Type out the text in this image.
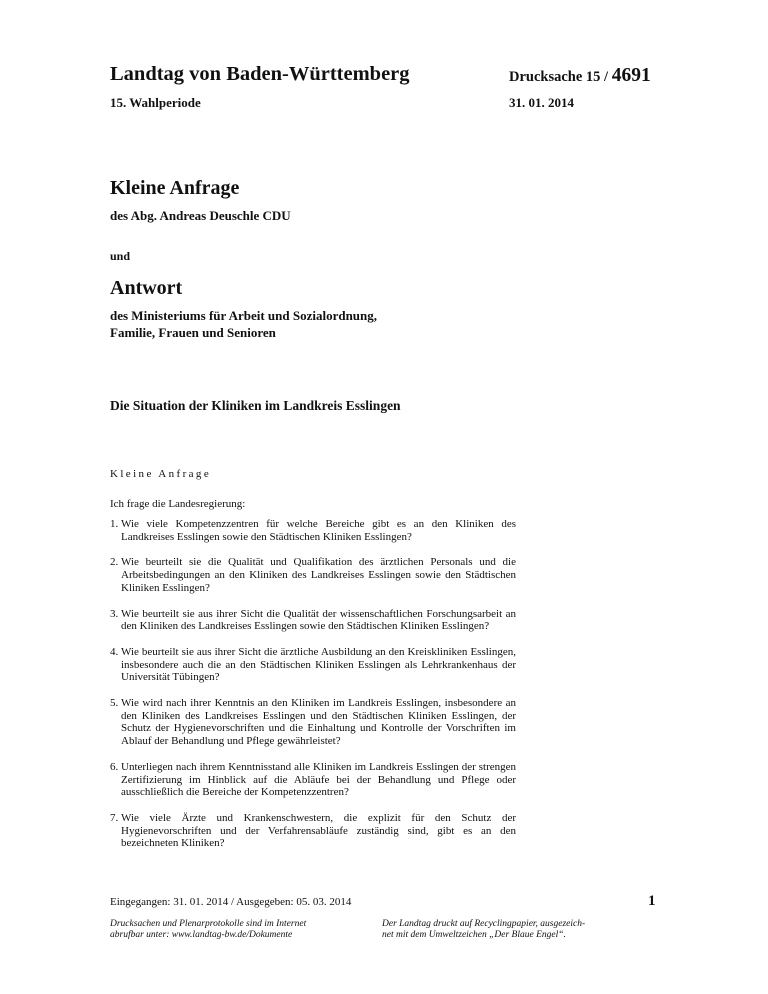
Landtag von Baden-Württemberg	Drucksache 15 / 4691
15. Wahlperiode	31. 01. 2014
Kleine Anfrage
des Abg. Andreas Deuschle CDU
und
Antwort
des Ministeriums für Arbeit und Sozialordnung,
Familie, Frauen und Senioren
Die Situation der Kliniken im Landkreis Esslingen
Kleine Anfrage
Ich frage die Landesregierung:
1. Wie viele Kompetenzzentren für welche Bereiche gibt es an den Kliniken des Landkreises Esslingen sowie den Städtischen Kliniken Esslingen?
2. Wie beurteilt sie die Qualität und Qualifikation des ärztlichen Personals und die Arbeitsbedingungen an den Kliniken des Landkreises Esslingen sowie den Städtischen Kliniken Esslingen?
3. Wie beurteilt sie aus ihrer Sicht die Qualität der wissenschaftlichen Forschungsarbeit an den Kliniken des Landkreises Esslingen sowie den Städtischen Kliniken Esslingen?
4. Wie beurteilt sie aus ihrer Sicht die ärztliche Ausbildung an den Kreiskliniken Esslingen, insbesondere auch die an den Städtischen Kliniken Esslingen als Lehrkrankenhaus der Universität Tübingen?
5. Wie wird nach ihrer Kenntnis an den Kliniken im Landkreis Esslingen, insbesondere an den Kliniken des Landkreises Esslingen und den Städtischen Kliniken Esslingen, der Schutz der Hygienevorschriften und die Einhaltung und Kontrolle der Vorschriften im Ablauf der Behandlung und Pflege gewährleistet?
6. Unterliegen nach ihrem Kenntnisstand alle Kliniken im Landkreis Esslingen der strengen Zertifizierung im Hinblick auf die Abläufe bei der Behandlung und Pflege oder ausschließlich die Bereiche der Kompetenzzentren?
7. Wie viele Ärzte und Krankenschwestern, die explizit für den Schutz der Hygienevorschriften und der Verfahrensabläufe zuständig sind, gibt es an den bezeichneten Kliniken?
Eingegangen: 31. 01. 2014 / Ausgegeben: 05. 03. 2014	1
Drucksachen und Plenarprotokolle sind im Internet
abrufbar unter: www.landtag-bw.de/Dokumente
Der Landtag druckt auf Recyclingpapier, ausgezeich-
net mit dem Umweltzeichen „Der Blaue Engel“.
